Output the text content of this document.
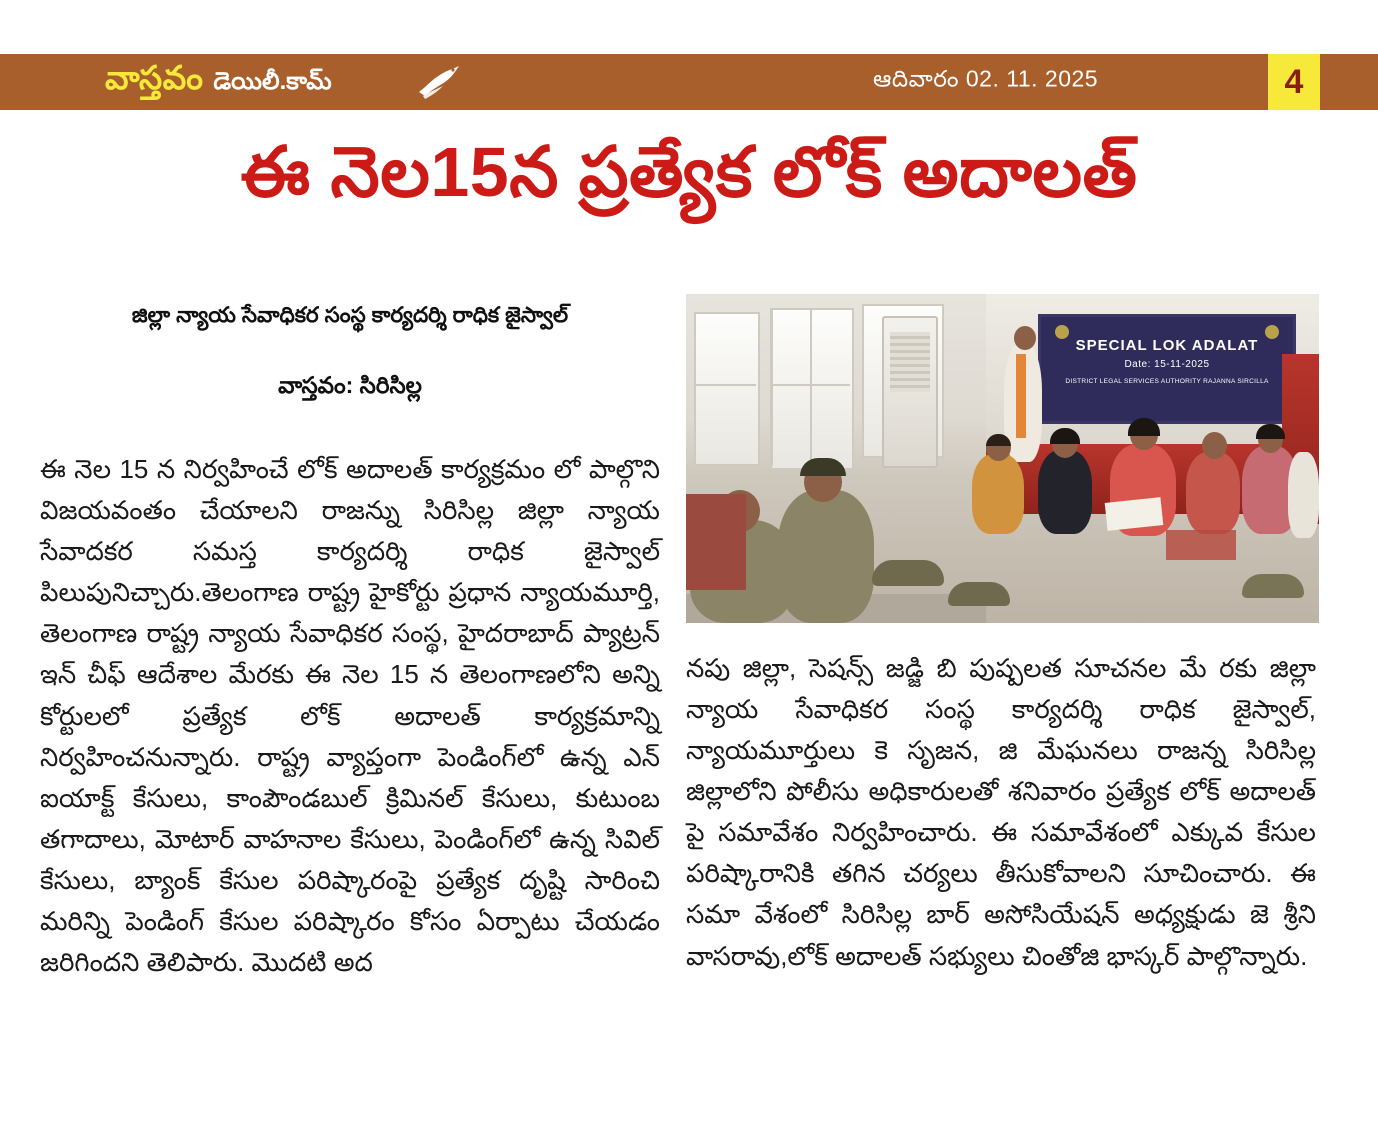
వాస్తవం డెయిలీ.కామ్	ఆదివారం 02. 11. 2025	4
ఈ నెల15న ప్రత్యేక లోక్ అదాలత్

జిల్లా న్యాయ సేవాధికర సంస్థ కార్యదర్శి రాధిక జైస్వాల్

వాస్తవం: సిరిసిల్ల

ఈ నెల 15 న నిర్వహించే లోక్ అదాలత్ కార్యక్రమం లో పాల్గొని విజయవంతం చేయాలని రాజన్ను సిరిసిల్ల జిల్లా న్యాయ సేవాదకర సమస్త కార్యదర్శి రాధిక జైస్వాల్ పిలుపునిచ్చారు.తెలంగాణ రాష్ట్ర హైకోర్టు ప్రధాన న్యాయమూర్తి, తెలంగాణ రాష్ట్ర న్యాయ సేవాధికర సంస్థ, హైదరాబాద్ ప్యాట్రన్ ఇన్ చీఫ్ ఆదేశాల మేరకు ఈ నెల 15 న తెలంగాణలోని అన్ని కోర్టులలో ప్రత్యేక లోక్ అదాలత్ కార్యక్రమాన్ని నిర్వహించనున్నారు. రాష్ట్ర వ్యాప్తంగా పెండింగ్‌లో ఉన్న ఎన్ ఐయాక్ట్ కేసులు, కాంపౌండబుల్ క్రిమినల్ కేసులు, కుటుంబ తగాదాలు, మోటార్ వాహనాల కేసులు, పెండింగ్‌లో ఉన్న సివిల్ కేసులు, బ్యాంక్ కేసుల పరిష్కారంపై ప్రత్యేక దృష్టి సారించి మరిన్ని పెండింగ్ కేసుల పరిష్కారం కోసం ఏర్పాటు చేయడం జరిగిందని తెలిపారు. మొదటి అద

SPECIAL LOK ADALAT
Date: 15-11-2025
DISTRICT LEGAL SERVICES AUTHORITY RAJANNA SIRCILLA

నపు జిల్లా, సెషన్స్ జడ్జి బి పుష్పలత సూచనల మే రకు జిల్లా న్యాయ సేవాధికర సంస్థ కార్యదర్శి రాధిక జైస్వాల్, న్యాయమూర్తులు కె సృజన, జి మేఘనలు రాజన్న సిరిసిల్ల జిల్లాలోని పోలీసు అధికారులతో శనివారం ప్రత్యేక లోక్ అదాలత్ పై సమావేశం నిర్వహించారు. ఈ సమావేశంలో ఎక్కువ కేసుల పరిష్కారానికి తగిన చర్యలు తీసుకోవాలని సూచించారు. ఈ సమా వేశంలో సిరిసిల్ల బార్ అసోసియేషన్ అధ్యక్షుడు జె శ్రీని వాసరావు,లోక్ అదాలత్ సభ్యులు చింతోజి భాస్కర్ పాల్గొన్నారు.
